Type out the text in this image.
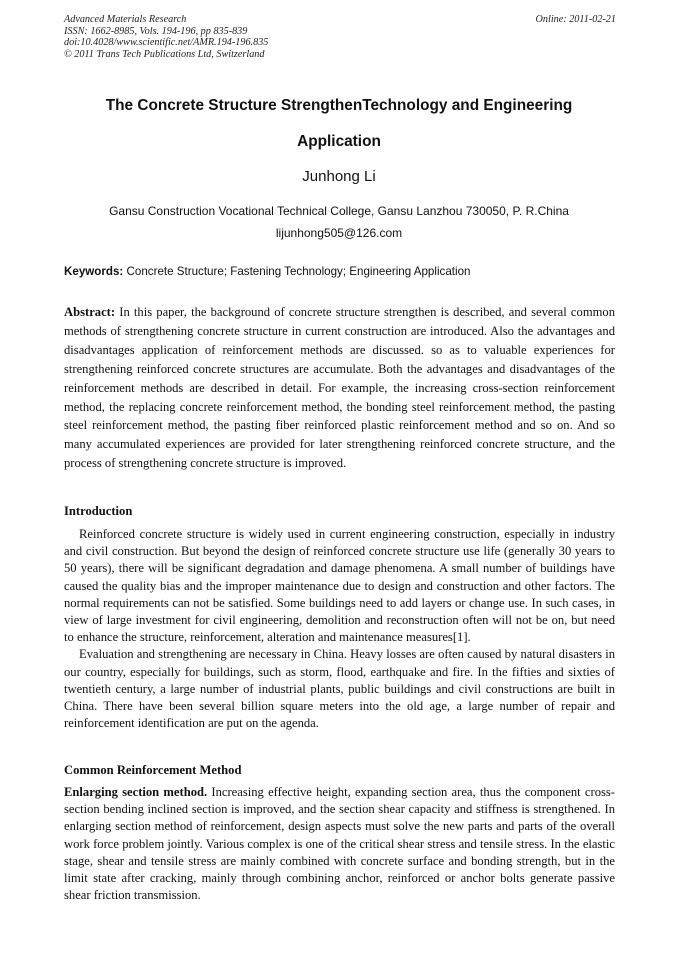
Advanced Materials Research
ISSN: 1662-8985, Vols. 194-196, pp 835-839
doi:10.4028/www.scientific.net/AMR.194-196.835
© 2011 Trans Tech Publications Ltd, Switzerland
Online: 2011-02-21
The Concrete Structure StrengthenTechnology and Engineering Application
Junhong Li
Gansu Construction Vocational Technical College, Gansu Lanzhou 730050, P. R.China
lijunhong505@126.com
Keywords: Concrete Structure; Fastening Technology; Engineering Application

Abstract: In this paper, the background of concrete structure strengthen is described, and several common methods of strengthening concrete structure in current construction are introduced. Also the advantages and disadvantages application of reinforcement methods are discussed. so as to valuable experiences for strengthening reinforced concrete structures are accumulate. Both the advantages and disadvantages of the reinforcement methods are described in detail. For example, the increasing cross-section reinforcement method, the replacing concrete reinforcement method, the bonding steel reinforcement method, the pasting steel reinforcement method, the pasting fiber reinforced plastic reinforcement method and so on. And so many accumulated experiences are provided for later strengthening reinforced concrete structure, and the process of strengthening concrete structure is improved.

Introduction

Reinforced concrete structure is widely used in current engineering construction, especially in industry and civil construction. But beyond the design of reinforced concrete structure use life (generally 30 years to 50 years), there will be significant degradation and damage phenomena. A small number of buildings have caused the quality bias and the improper maintenance due to design and construction and other factors. The normal requirements can not be satisfied. Some buildings need to add layers or change use. In such cases, in view of large investment for civil engineering, demolition and reconstruction often will not be on, but need to enhance the structure, reinforcement, alteration and maintenance measures[1].

Evaluation and strengthening are necessary in China. Heavy losses are often caused by natural disasters in our country, especially for buildings, such as storm, flood, earthquake and fire. In the fifties and sixties of twentieth century, a large number of industrial plants, public buildings and civil constructions are built in China. There have been several billion square meters into the old age, a large number of repair and reinforcement identification are put on the agenda.

Common Reinforcement Method

Enlarging section method. Increasing effective height, expanding section area, thus the component cross-section bending inclined section is improved, and the section shear capacity and stiffness is strengthened. In enlarging section method of reinforcement, design aspects must solve the new parts and parts of the overall work force problem jointly. Various complex is one of the critical shear stress and tensile stress. In the elastic stage, shear and tensile stress are mainly combined with concrete surface and bonding strength, but in the limit state after cracking, mainly through combining anchor, reinforced or anchor bolts generate passive shear friction transmission.
